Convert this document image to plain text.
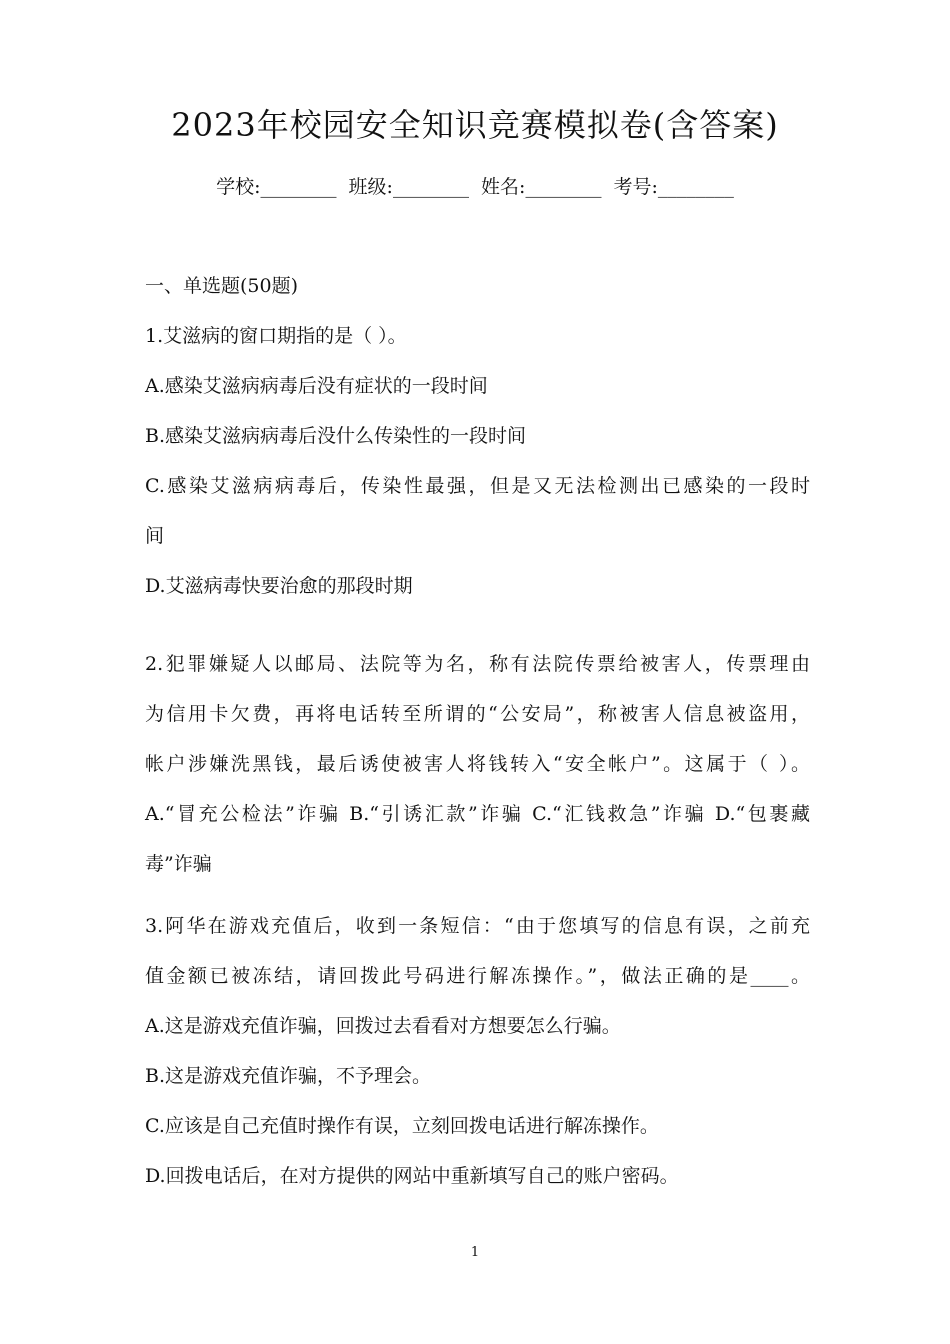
2023年校园安全知识竞赛模拟卷(含答案)
学校:________  班级:________  姓名:________  考号:________
一、单选题(50题)
1.艾滋病的窗口期指的是（ ）。
A.感染艾滋病病毒后没有症状的一段时间
B.感染艾滋病病毒后没什么传染性的一段时间
C.感染艾滋病病毒后，传染性最强，但是又无法检测出已感染的一段时
间
D.艾滋病毒快要治愈的那段时期
2.犯罪嫌疑人以邮局、法院等为名，称有法院传票给被害人，传票理由
为信用卡欠费，再将电话转至所谓的“公安局”，称被害人信息被盗用，
帐户涉嫌洗黑钱，最后诱使被害人将钱转入“安全帐户”。这属于（ ）。
A.“冒充公检法”诈骗 B.“引诱汇款”诈骗 C.“汇钱救急”诈骗 D.“包裹藏
毒”诈骗
3.阿华在游戏充值后，收到一条短信：“由于您填写的信息有误，之前充
值金额已被冻结，请回拨此号码进行解冻操作。”，做法正确的是____。
A.这是游戏充值诈骗，回拨过去看看对方想要怎么行骗。
B.这是游戏充值诈骗，不予理会。
C.应该是自己充值时操作有误，立刻回拨电话进行解冻操作。
D.回拨电话后，在对方提供的网站中重新填写自己的账户密码。
1
